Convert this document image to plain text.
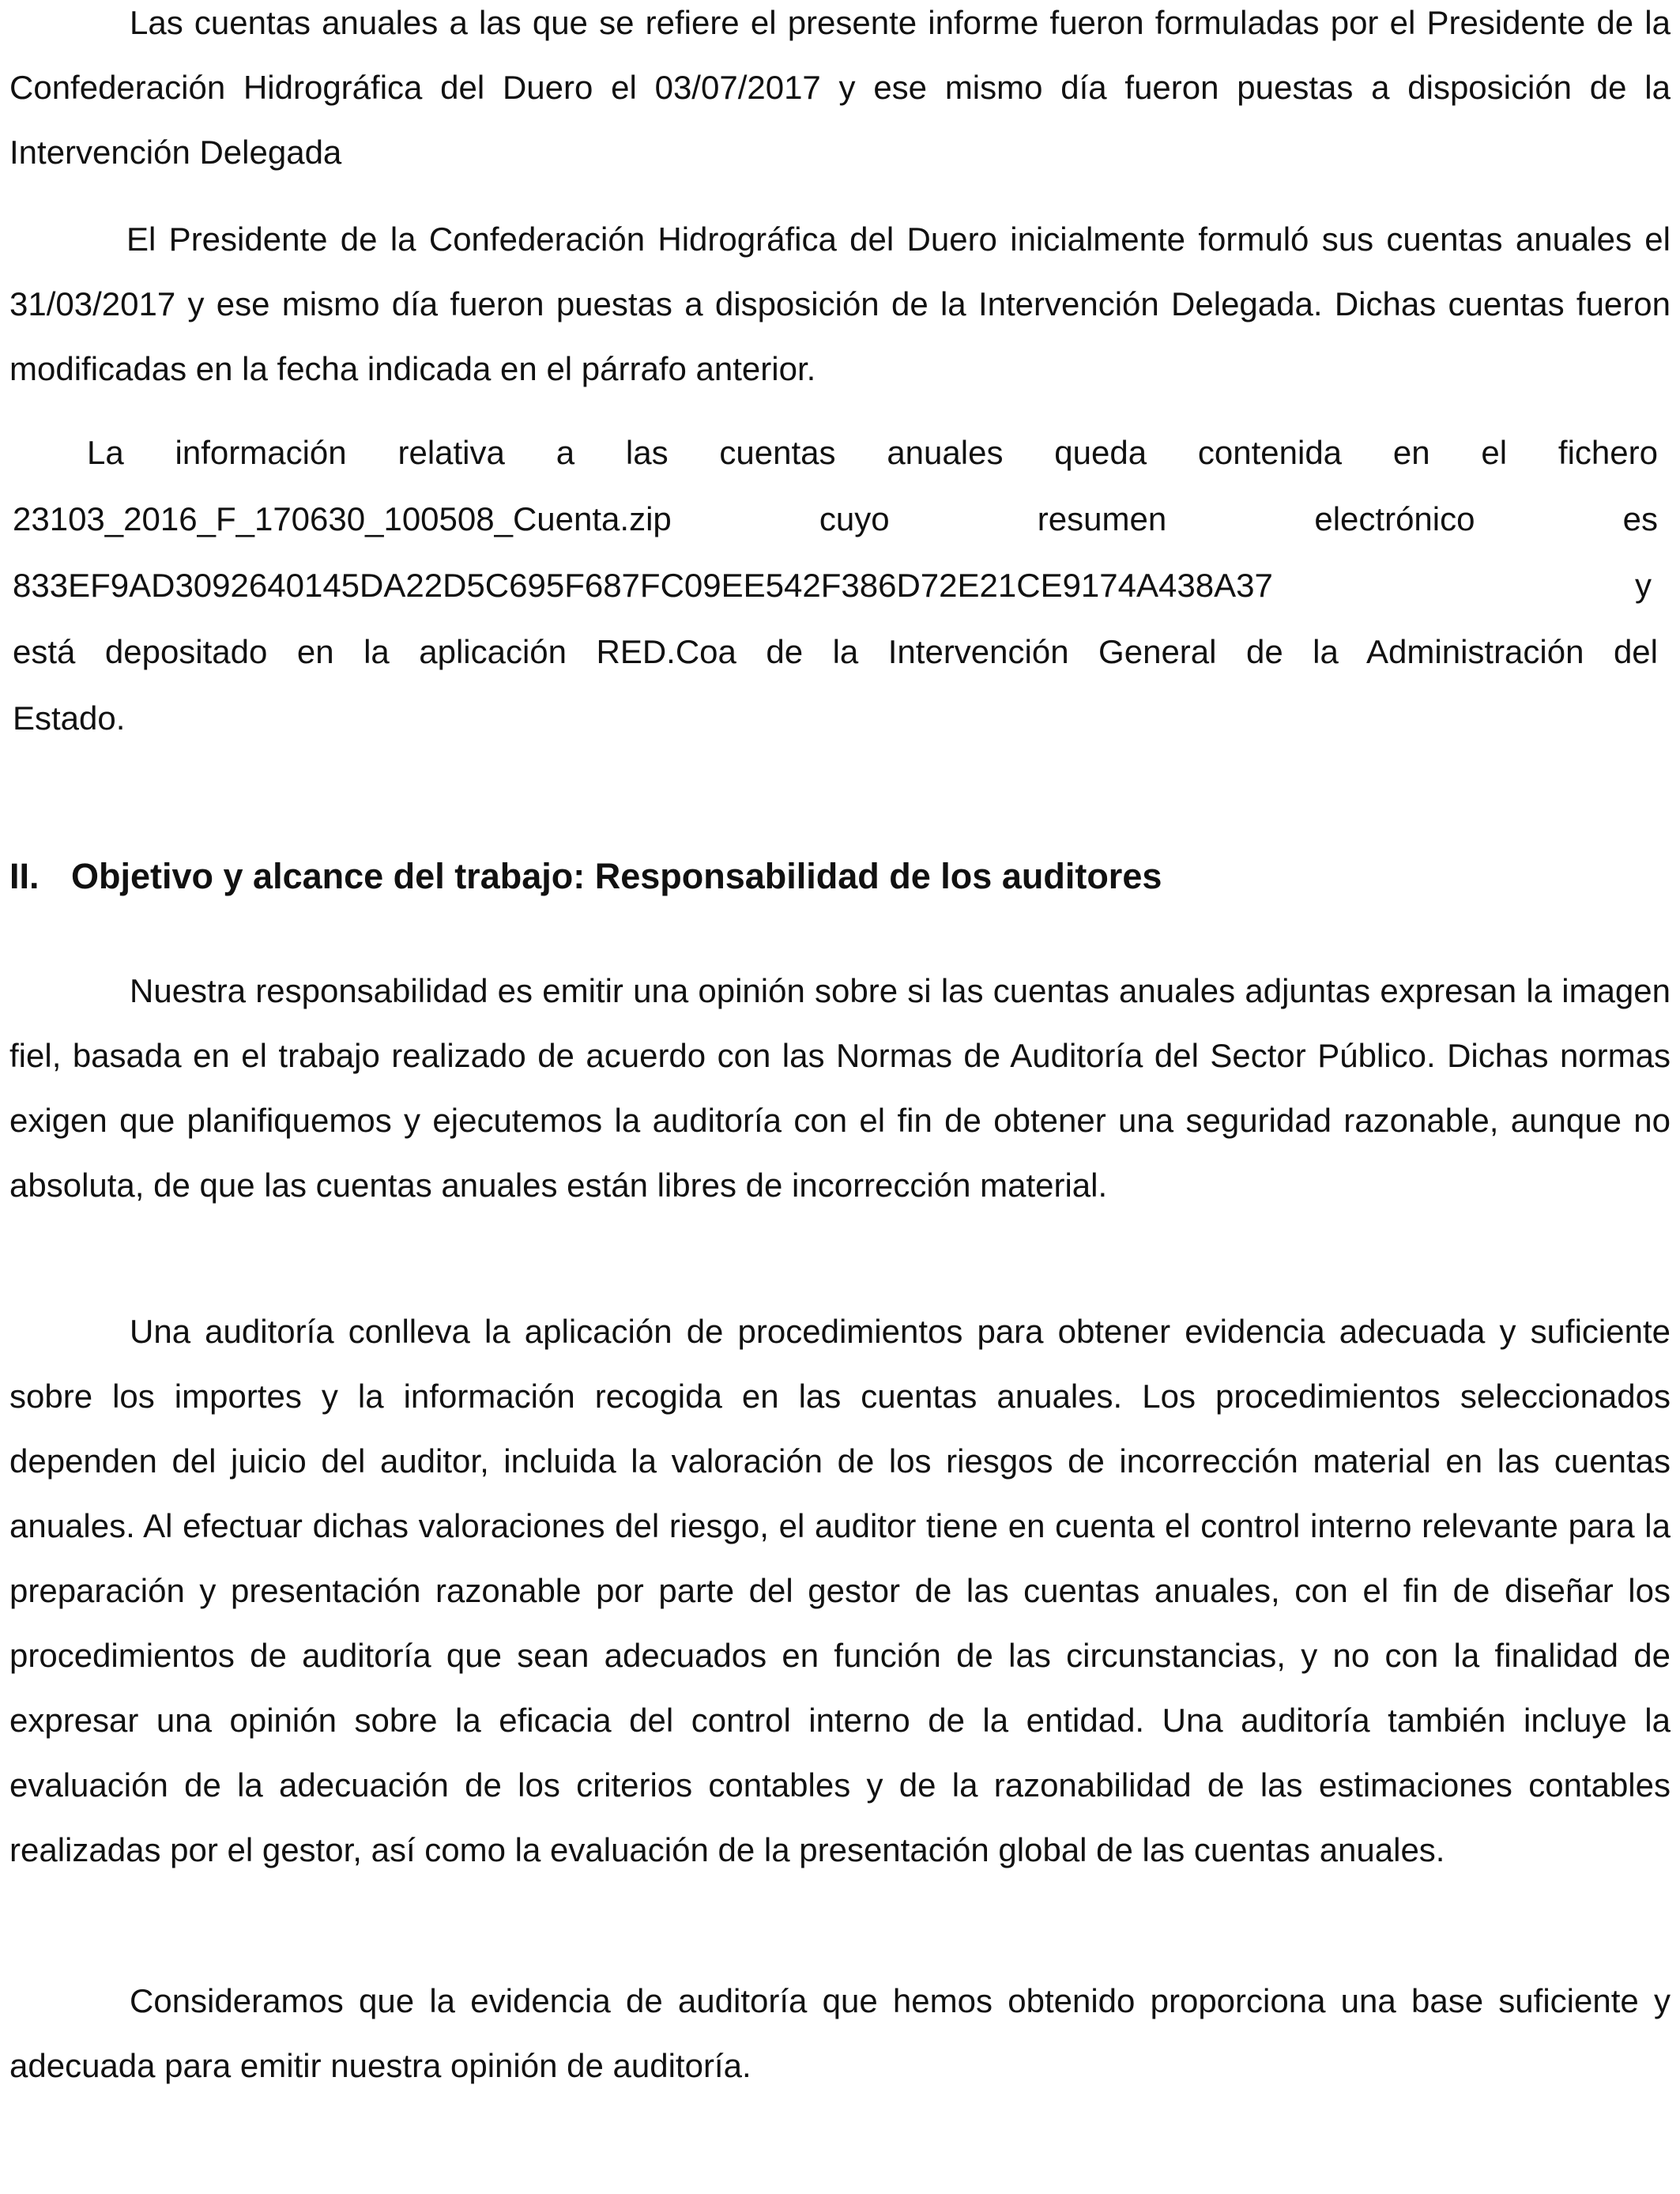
Las cuentas anuales a las que se refiere el presente informe fueron formuladas por el Presidente de la Confederación Hidrográfica del Duero el 03/07/2017 y ese mismo día fueron puestas a disposición de la Intervención Delegada

El Presidente de la Confederación Hidrográfica del Duero inicialmente formuló sus cuentas anuales el 31/03/2017 y ese mismo día fueron puestas a disposición de la Intervención Delegada. Dichas cuentas fueron modificadas en la fecha indicada en el párrafo anterior.

La información relativa a las cuentas anuales queda contenida en el fichero
23103_2016_F_170630_100508_Cuenta.zip	cuyo	resumen	electrónico	es
833EF9AD3092640145DA22D5C695F687FC09EE542F386D72E21CE9174A438A37	y
está depositado en la aplicación RED.Coa de la Intervención General de la Administración del
Estado.
II. Objetivo y alcance del trabajo: Responsabilidad de los auditores

Nuestra responsabilidad es emitir una opinión sobre si las cuentas anuales adjuntas expresan la imagen fiel, basada en el trabajo realizado de acuerdo con las Normas de Auditoría del Sector Público. Dichas normas exigen que planifiquemos y ejecutemos la auditoría con el fin de obtener una seguridad razonable, aunque no absoluta, de que las cuentas anuales están libres de incorrección material.

Una auditoría conlleva la aplicación de procedimientos para obtener evidencia adecuada y suficiente sobre los importes y la información recogida en las cuentas anuales. Los procedimientos seleccionados dependen del juicio del auditor, incluida la valoración de los riesgos de incorrección material en las cuentas anuales. Al efectuar dichas valoraciones del riesgo, el auditor tiene en cuenta el control interno relevante para la preparación y presentación razonable por parte del gestor de las cuentas anuales, con el fin de diseñar los procedimientos de auditoría que sean adecuados en función de las circunstancias, y no con la finalidad de expresar una opinión sobre la eficacia del control interno de la entidad. Una auditoría también incluye la evaluación de la adecuación de los criterios contables y de la razonabilidad de las estimaciones contables realizadas por el gestor, así como la evaluación de la presentación global de las cuentas anuales.

Consideramos que la evidencia de auditoría que hemos obtenido proporciona una base suficiente y adecuada para emitir nuestra opinión de auditoría.
